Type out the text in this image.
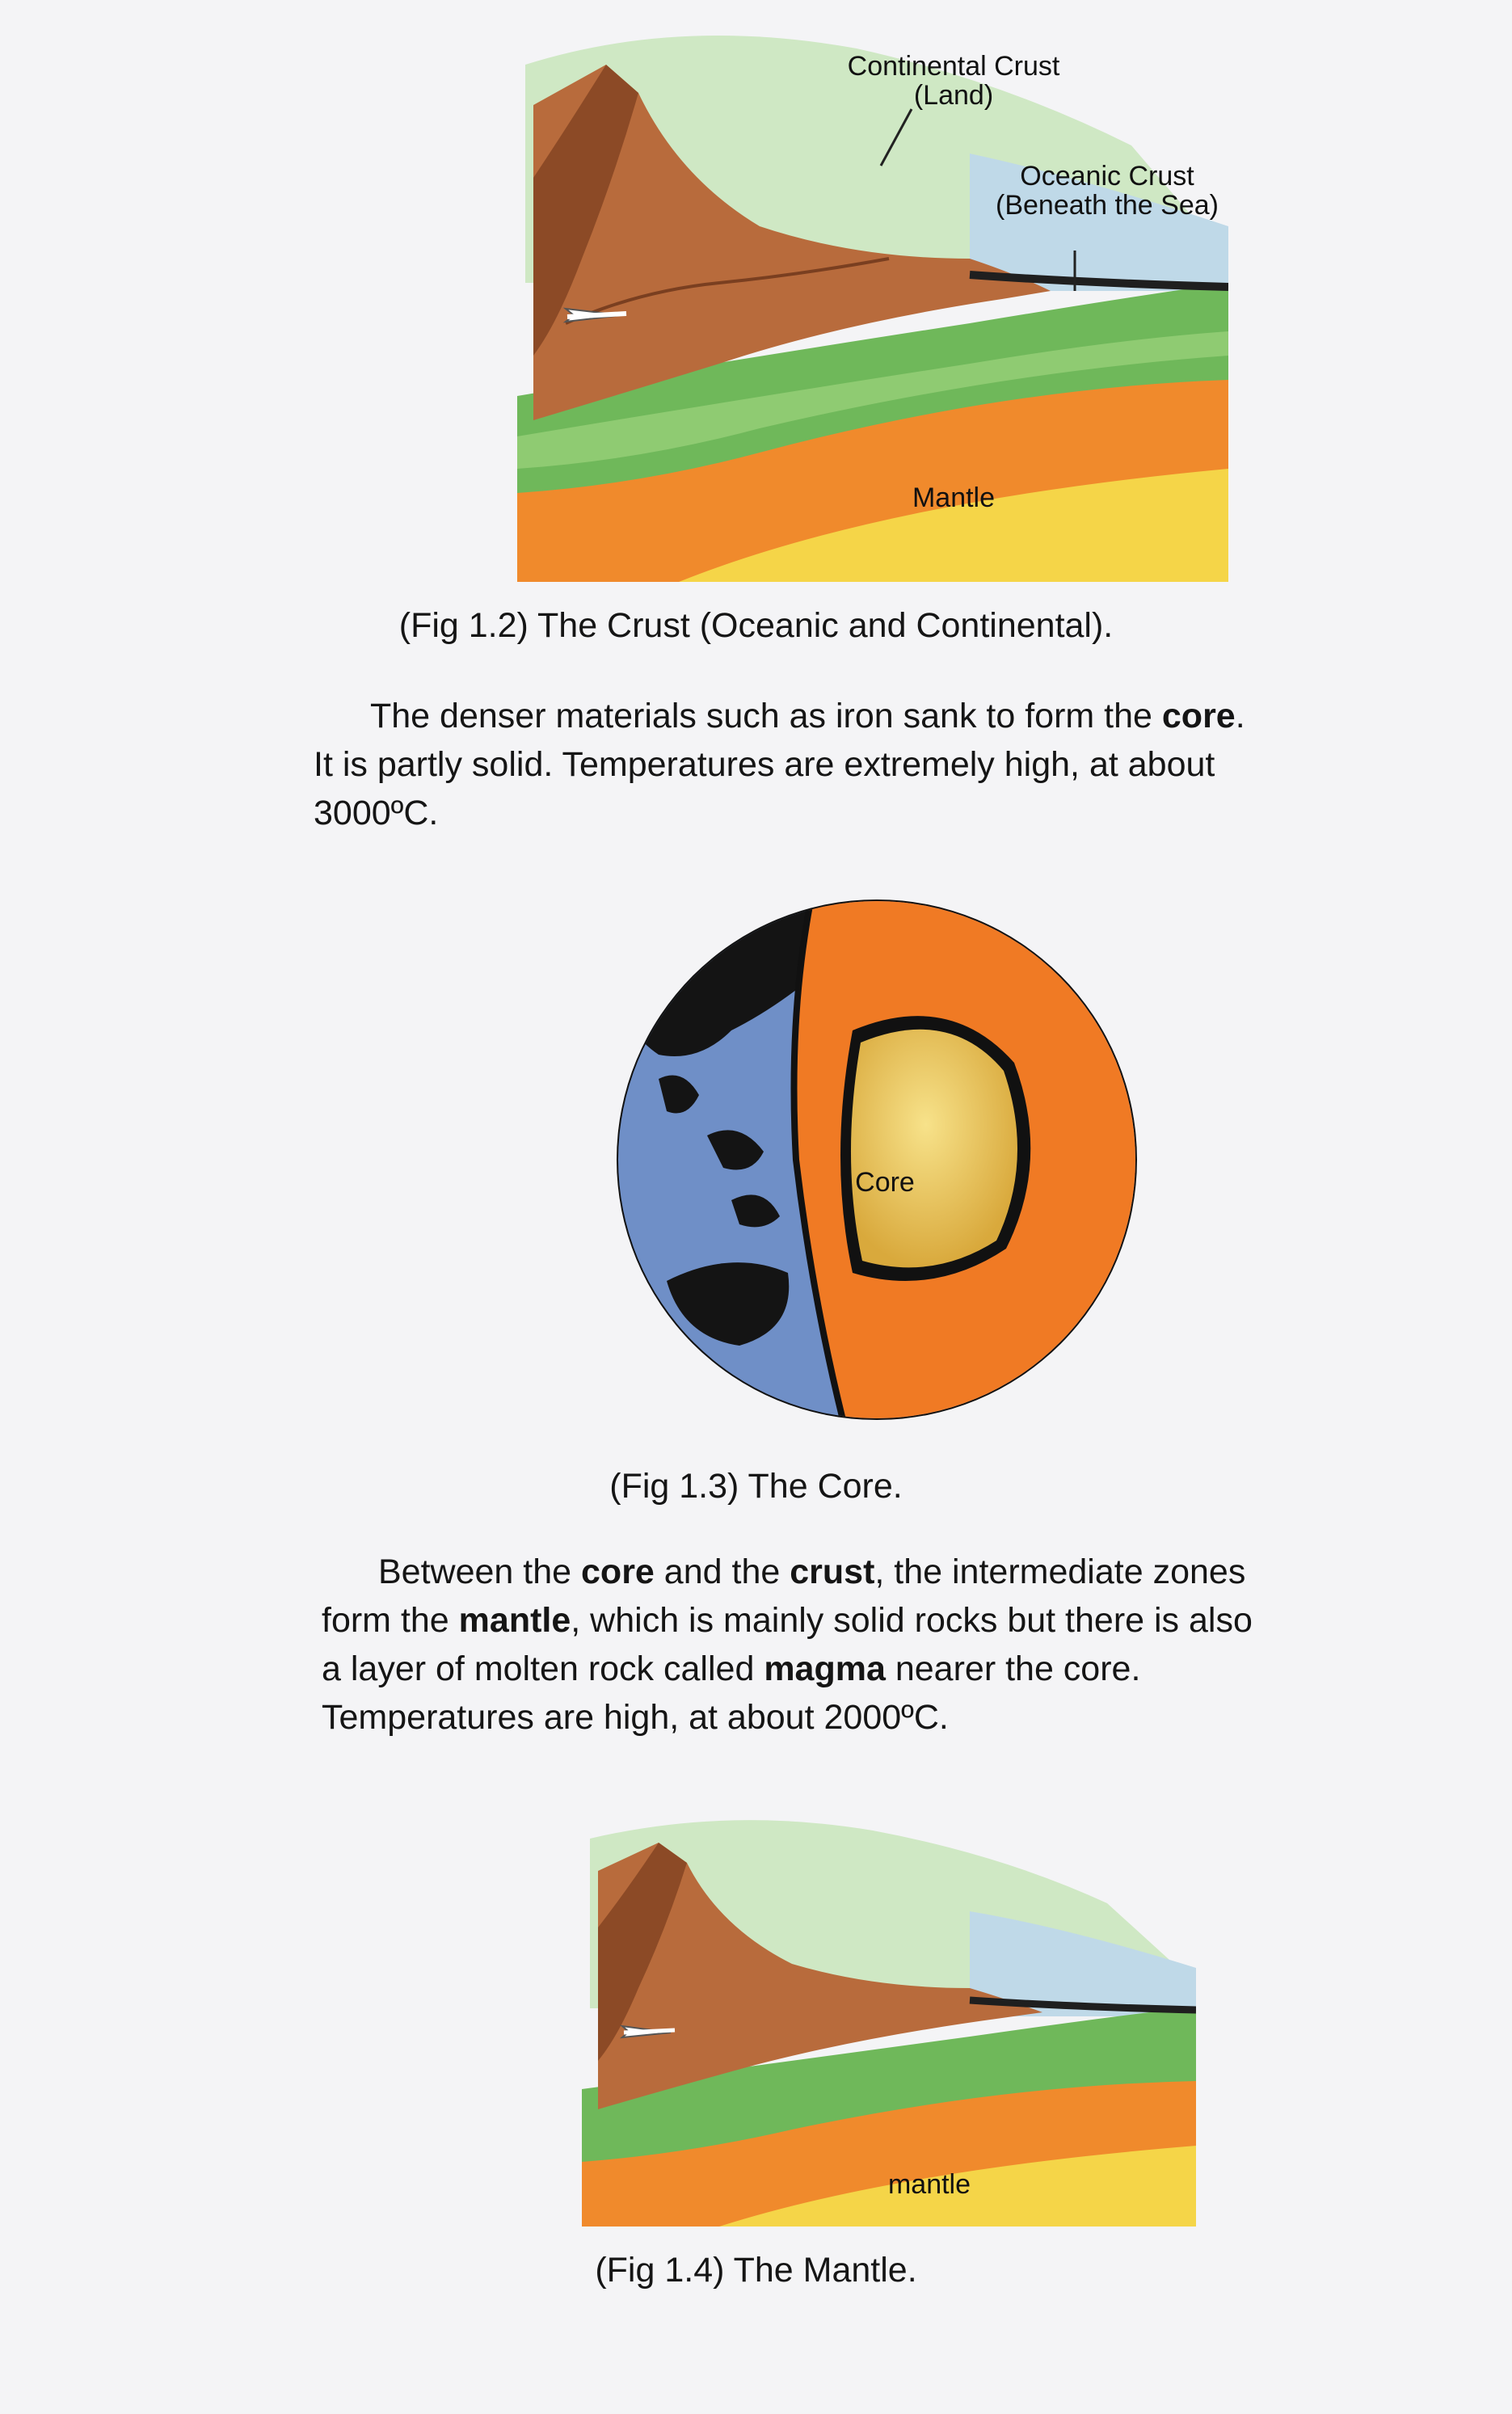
Continental Crust
(Land)
Oceanic Crust
(Beneath the Sea)
Mantle

(Fig 1.2) The Crust (Oceanic and Continental).

The denser materials such as iron sank to form the core.
It is partly solid. Temperatures are extremely high, at about
3000ºC.

Core

(Fig 1.3) The Core.

Between the core and the crust, the intermediate zones
form the mantle, which is mainly solid rocks but there is also
a layer of molten rock called magma nearer the core.
Temperatures are high, at about 2000ºC.

mantle

(Fig 1.4) The Mantle.
